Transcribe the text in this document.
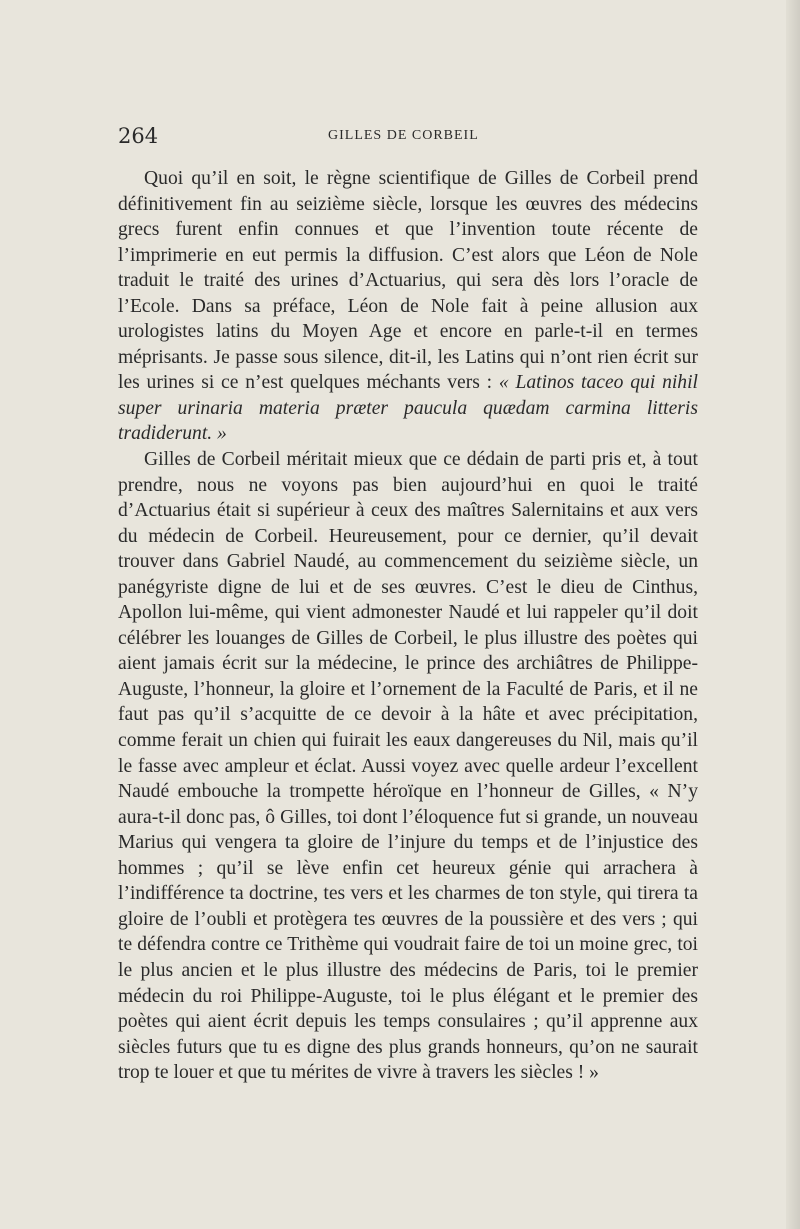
264	GILLES DE CORBEIL

Quoi qu’il en soit, le règne scientifique de Gilles de Corbeil prend définitivement fin au seizième siècle, lorsque les œuvres des médecins grecs furent enfin connues et que l’invention toute récente de l’imprimerie en eut permis la diffusion. C’est alors que Léon de Nole traduit le traité des urines d’Actuarius, qui sera dès lors l’oracle de l’Ecole. Dans sa préface, Léon de Nole fait à peine allusion aux urologistes latins du Moyen Age et encore en parle-t-il en termes méprisants. Je passe sous silence, dit-il, les Latins qui n’ont rien écrit sur les urines si ce n’est quelques méchants vers : « Latinos taceo qui nihil super urinaria materia præter paucula quædam carmina litteris tradiderunt. »

Gilles de Corbeil méritait mieux que ce dédain de parti pris et, à tout prendre, nous ne voyons pas bien aujourd’hui en quoi le traité d’Actuarius était si supérieur à ceux des maîtres Salernitains et aux vers du médecin de Corbeil. Heureusement, pour ce dernier, qu’il devait trouver dans Gabriel Naudé, au commencement du seizième siècle, un panégyriste digne de lui et de ses œuvres. C’est le dieu de Cinthus, Apollon lui-même, qui vient admonester Naudé et lui rappeler qu’il doit célébrer les louanges de Gilles de Corbeil, le plus illustre des poètes qui aient jamais écrit sur la médecine, le prince des archiâtres de Philippe-Auguste, l’honneur, la gloire et l’ornement de la Faculté de Paris, et il ne faut pas qu’il s’acquitte de ce devoir à la hâte et avec précipitation, comme ferait un chien qui fuirait les eaux dangereuses du Nil, mais qu’il le fasse avec ampleur et éclat. Aussi voyez avec quelle ardeur l’excellent Naudé embouche la trompette héroïque en l’honneur de Gilles, « N’y aura-t-il donc pas, ô Gilles, toi dont l’éloquence fut si grande, un nouveau Marius qui vengera ta gloire de l’injure du temps et de l’injustice des hommes ; qu’il se lève enfin cet heureux génie qui arrachera à l’indifférence ta doctrine, tes vers et les charmes de ton style, qui tirera ta gloire de l’oubli et protègera tes œuvres de la poussière et des vers ; qui te défendra contre ce Trithème qui voudrait faire de toi un moine grec, toi le plus ancien et le plus illustre des médecins de Paris, toi le premier médecin du roi Philippe-Auguste, toi le plus élégant et le premier des poètes qui aient écrit depuis les temps consulaires ; qu’il apprenne aux siècles futurs que tu es digne des plus grands honneurs, qu’on ne saurait trop te louer et que tu mérites de vivre à travers les siècles ! »
